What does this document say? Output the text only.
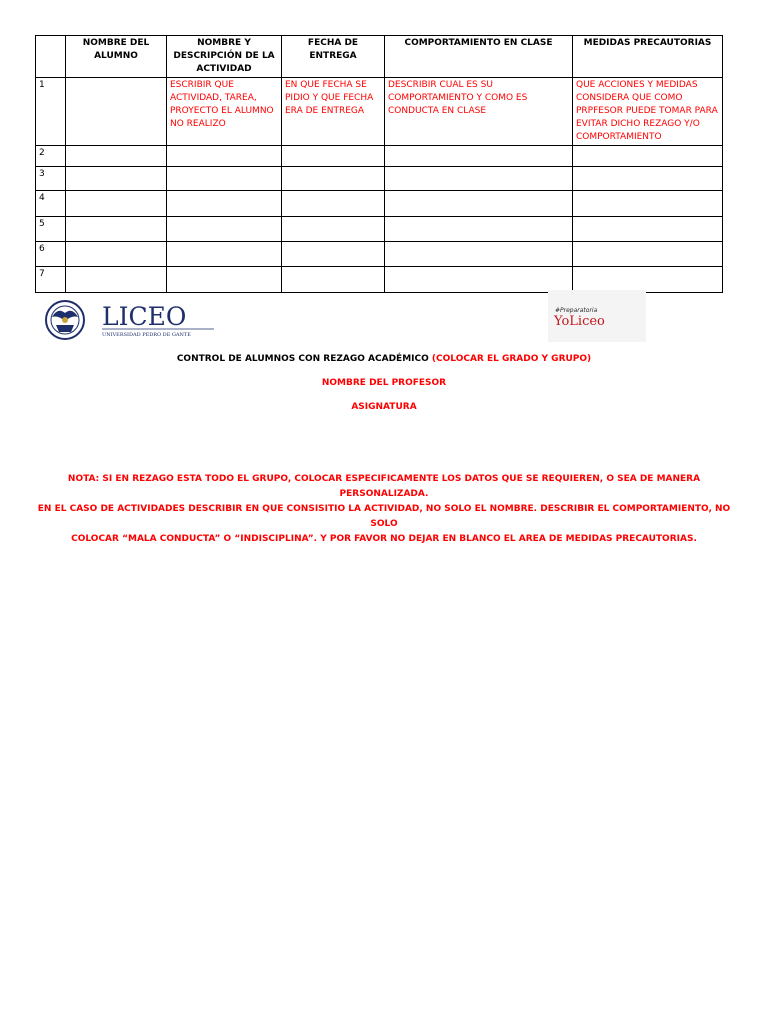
	NOMBRE DEL ALUMNO	NOMBRE Y DESCRIPCIÓN DE LA ACTIVIDAD	FECHA DE ENTREGA	COMPORTAMIENTO EN CLASE	MEDIDAS PRECAUTORIAS
1		ESCRIBIR QUE ACTIVIDAD, TAREA, PROYECTO EL ALUMNO NO REALIZO	EN QUE FECHA SE PIDIO Y QUE FECHA ERA DE ENTREGA	DESCRIBIR CUAL ES SU COMPORTAMIENTO Y COMO ES CONDUCTA EN CLASE	QUE ACCIONES Y MEDIDAS CONSIDERA QUE COMO PRPFESOR PUEDE TOMAR PARA EVITAR DICHO REZAGO Y/O COMPORTAMIENTO
2					
3					
4					
5					
6					
7					
LICEO
UNIVERSIDAD PEDRO DE GANTE
#Preparatoria
YoLiceo
CONTROL DE ALUMNOS CON REZAGO ACADÉMICO (COLOCAR EL GRADO Y GRUPO)
NOMBRE DEL PROFESOR
ASIGNATURA
NOTA: SI EN REZAGO ESTA TODO EL GRUPO, COLOCAR ESPECIFICAMENTE LOS DATOS QUE SE REQUIEREN, O SEA DE MANERA PERSONALIZADA.
EN EL CASO DE ACTIVIDADES DESCRIBIR EN QUE CONSISITIO LA ACTIVIDAD, NO SOLO EL NOMBRE. DESCRIBIR EL COMPORTAMIENTO, NO SOLO
COLOCAR “MALA CONDUCTA” O “INDISCIPLINA”. Y POR FAVOR NO DEJAR EN BLANCO EL AREA DE MEDIDAS PRECAUTORIAS.
